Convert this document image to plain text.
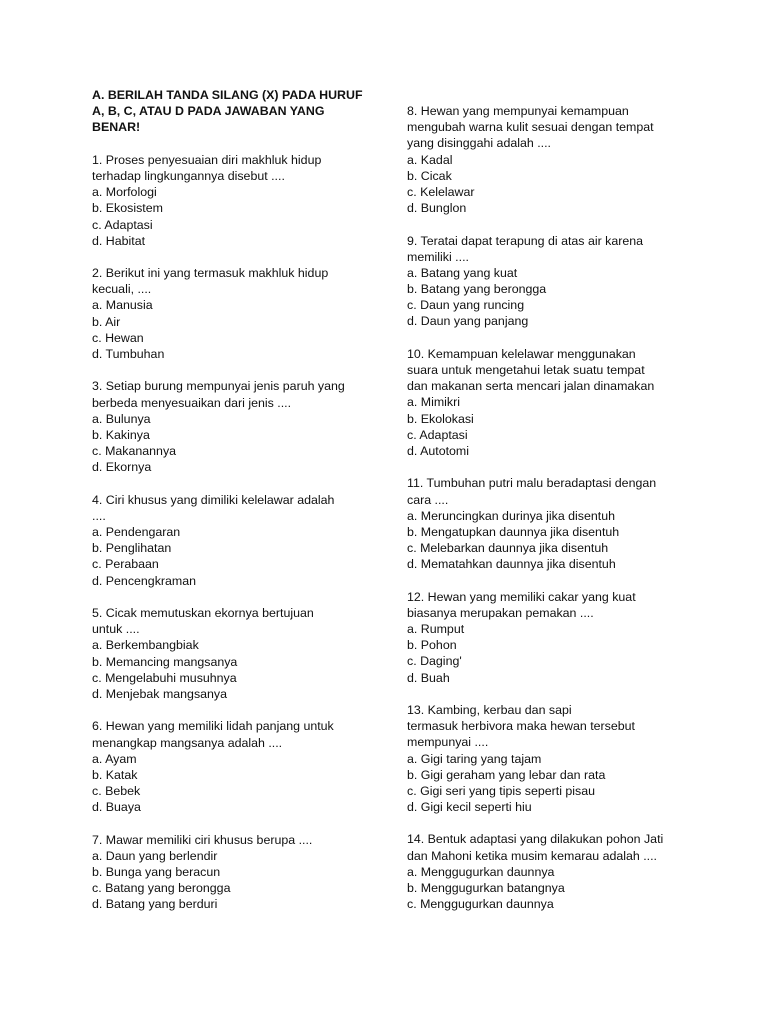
A. BERILAH TANDA SILANG (X) PADA HURUF
A, B, C, ATAU D PADA JAWABAN YANG
BENAR!
1. Proses penyesuaian diri makhluk hidup
terhadap lingkungannya disebut ....
a. Morfologi
b. Ekosistem
c. Adaptasi
d. Habitat
2. Berikut ini yang termasuk makhluk hidup
kecuali, ....
a. Manusia
b. Air
c. Hewan
d. Tumbuhan
3. Setiap burung mempunyai jenis paruh yang
berbeda menyesuaikan dari jenis ....
a. Bulunya
b. Kakinya
c. Makanannya
d. Ekornya
4. Ciri khusus yang dimiliki kelelawar adalah
....
a. Pendengaran
b. Penglihatan
c. Perabaan
d. Pencengkraman
5. Cicak memutuskan ekornya bertujuan
untuk ....
a. Berkembangbiak
b. Memancing mangsanya
c. Mengelabuhi musuhnya
d. Menjebak mangsanya
6. Hewan yang memiliki lidah panjang untuk
menangkap mangsanya adalah ....
a. Ayam
b. Katak
c. Bebek
d. Buaya
7. Mawar memiliki ciri khusus berupa ....
a. Daun yang berlendir
b. Bunga yang beracun
c. Batang yang berongga
d. Batang yang berduri
8. Hewan yang mempunyai kemampuan
mengubah warna kulit sesuai dengan tempat
yang disinggahi adalah ....
a. Kadal
b. Cicak
c. Kelelawar
d. Bunglon
9. Teratai dapat terapung di atas air karena
memiliki ....
a. Batang yang kuat
b. Batang yang berongga
c. Daun yang runcing
d. Daun yang panjang
10. Kemampuan kelelawar menggunakan
suara untuk mengetahui letak suatu tempat
dan makanan serta mencari jalan dinamakan
a. Mimikri
b. Ekolokasi
c. Adaptasi
d. Autotomi
11. Tumbuhan putri malu beradaptasi dengan
cara ....
a. Meruncingkan durinya jika disentuh
b. Mengatupkan daunnya jika disentuh
c. Melebarkan daunnya jika disentuh
d. Mematahkan daunnya jika disentuh
12. Hewan yang memiliki cakar yang kuat
biasanya merupakan pemakan ....
a. Rumput
b. Pohon
c. Daging'
d. Buah
13. Kambing, kerbau dan sapi
termasuk herbivora maka hewan tersebut
mempunyai ....
a. Gigi taring yang tajam
b. Gigi geraham yang lebar dan rata
c. Gigi seri yang tipis seperti pisau
d. Gigi kecil seperti hiu
14. Bentuk adaptasi yang dilakukan pohon Jati
dan Mahoni ketika musim kemarau adalah ....
a. Menggugurkan daunnya
b. Menggugurkan batangnya
c. Menggugurkan daunnya
